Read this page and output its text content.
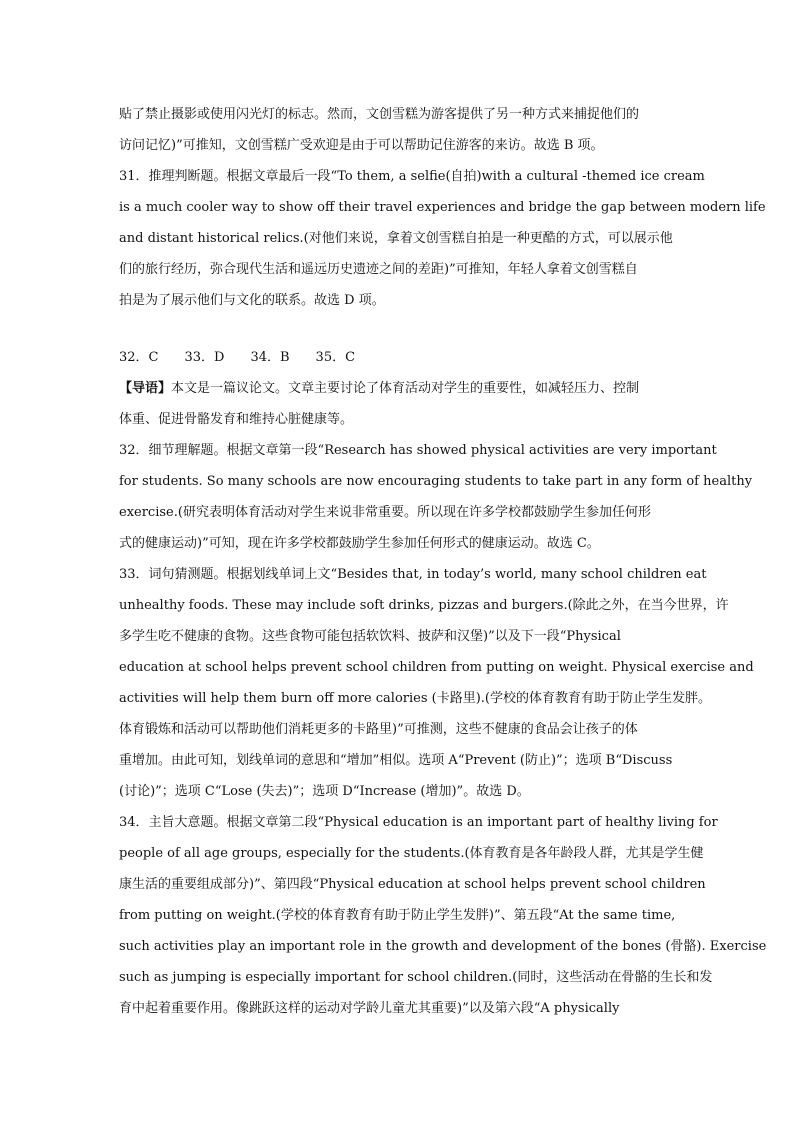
贴了禁止摄影或使用闪光灯的标志。然而，文创雪糕为游客提供了另一种方式来捕捉他们的
访问记忆)”可推知，文创雪糕广受欢迎是由于可以帮助记住游客的来访。故选 B 项。
31．推理判断题。根据文章最后一段“To them, a selfie(自拍)with a cultural -themed ice cream
is a much cooler way to show off their travel experiences and bridge the gap between modern life
and distant historical relics.(对他们来说，拿着文创雪糕自拍是一种更酷的方式，可以展示他
们的旅行经历，弥合现代生活和遥远历史遗迹之间的差距)”可推知，年轻人拿着文创雪糕自
拍是为了展示他们与文化的联系。故选 D 项。
32．C　　33．D　　34．B　　35．C
【导语】本文是一篇议论文。文章主要讨论了体育活动对学生的重要性，如减轻压力、控制
体重、促进骨骼发育和维持心脏健康等。
32．细节理解题。根据文章第一段“Research has showed physical activities are very important
for students. So many schools are now encouraging students to take part in any form of healthy
exercise.(研究表明体育活动对学生来说非常重要。所以现在许多学校都鼓励学生参加任何形
式的健康运动)”可知，现在许多学校都鼓励学生参加任何形式的健康运动。故选 C。
33．词句猜测题。根据划线单词上文“Besides that, in today’s world, many school children eat
unhealthy foods. These may include soft drinks, pizzas and burgers.(除此之外，在当今世界，许
多学生吃不健康的食物。这些食物可能包括软饮料、披萨和汉堡)”以及下一段“Physical
education at school helps prevent school children from putting on weight. Physical exercise and
activities will help them burn off more calories (卡路里).(学校的体育教育有助于防止学生发胖。
体育锻炼和活动可以帮助他们消耗更多的卡路里)”可推测，这些不健康的食品会让孩子的体
重增加。由此可知，划线单词的意思和“增加”相似。选项 A“Prevent (防止)”；选项 B“Discuss
(讨论)”；选项 C“Lose (失去)”；选项 D“Increase (增加)”。故选 D。
34．主旨大意题。根据文章第二段“Physical education is an important part of healthy living for
people of all age groups, especially for the students.(体育教育是各年龄段人群，尤其是学生健
康生活的重要组成部分)”、第四段“Physical education at school helps prevent school children
from putting on weight.(学校的体育教育有助于防止学生发胖)”、第五段“At the same time,
such activities play an important role in the growth and development of the bones (骨骼). Exercise
such as jumping is especially important for school children.(同时，这些活动在骨骼的生长和发
育中起着重要作用。像跳跃这样的运动对学龄儿童尤其重要)”以及第六段“A physically
